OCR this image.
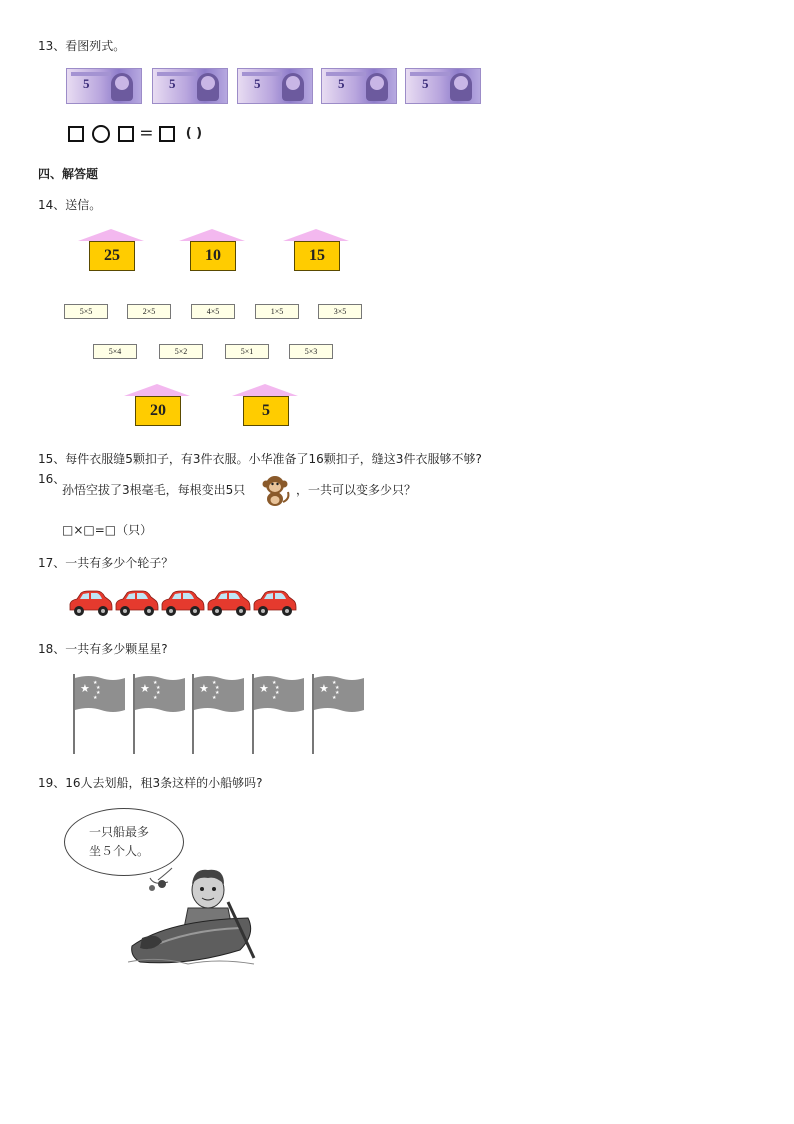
13、看图列式。
5	5	5	5	5
= ( )
四、解答题
14、送信。
25	10	15
5×5	2×5	4×5	1×5	3×5
5×4	5×2	5×1	5×3
20	5
15、每件衣服缝5颗扣子，有3件衣服。小华准备了16颗扣子，缝这3件衣服够不够?
16、
孙悟空拔了3根毫毛，每根变出5只	，一共可以变多少只？
□×□=□（只）
17、一共有多少个轮子？
18、一共有多少颗星星?
★ ★
★
★
★
★ ★
★
★
★
★ ★
★
★
★
★ ★
★
★
★
★ ★
★
★
★
19、16人去划船，租3条这样的小船够吗?
一只船最多
坐５个人。
